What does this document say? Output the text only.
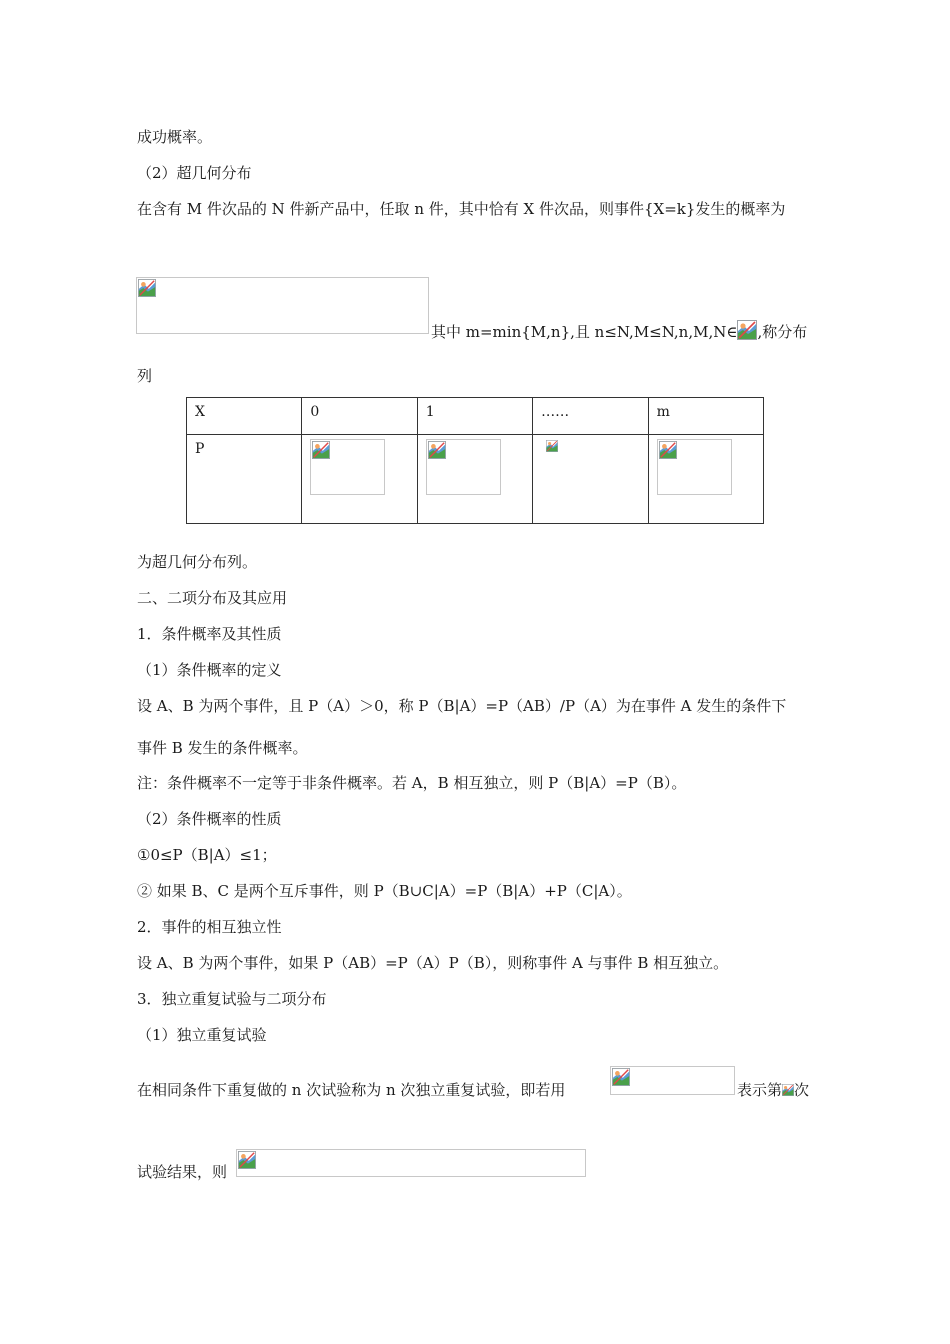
成功概率。
（2）超几何分布
在含有 M 件次品的 N 件新产品中，任取 n 件，其中恰有 X 件次品，则事件{X=k}发生的概率为
其中 m=min{M,n},且 n≤N,M≤N,n,M,N∈ ,称分布
列
X	0	1	……	m
P	

为超几何分布列。
二、二项分布及其应用
1．条件概率及其性质
（1）条件概率的定义
设 A、B 为两个事件，且 P（A）＞0，称 P（B|A）=P（AB）/P（A）为在事件 A 发生的条件下
事件 B 发生的条件概率。
注：条件概率不一定等于非条件概率。若 A，B 相互独立，则 P（B|A）=P（B）。
（2）条件概率的性质
①0≤P（B|A）≤1；
② 如果 B、C 是两个互斥事件，则 P（B∪C|A）=P（B|A）+P（C|A）。
2．事件的相互独立性
设 A、B 为两个事件，如果 P（AB）=P（A）P（B），则称事件 A 与事件 B 相互独立。
3．独立重复试验与二项分布
（1）独立重复试验
在相同条件下重复做的 n 次试验称为 n 次独立重复试验，即若用	表示第 次
试验结果，则
